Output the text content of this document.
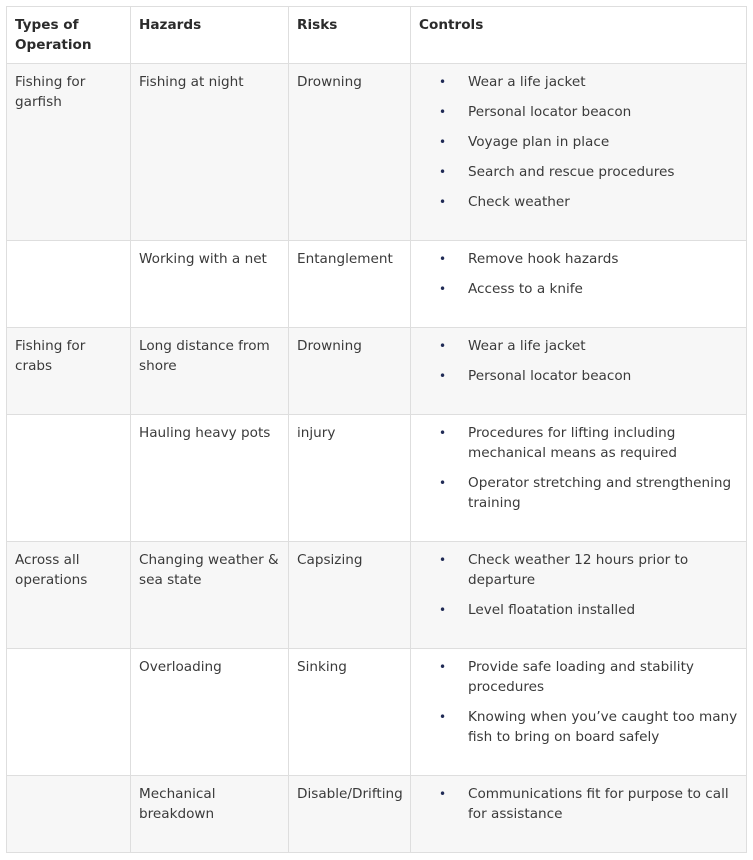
Types of Operation	Hazards	Risks	Controls
Fishing for garfish	Fishing at night	Drowning	• Wear a life jacket
• Personal locator beacon
• Voyage plan in place
• Search and rescue procedures
• Check weather

	Working with a net	Entanglement	• Remove hook hazards
• Access to a knife

Fishing for crabs	Long distance from shore	Drowning	• Wear a life jacket
• Personal locator beacon

	Hauling heavy pots	injury	• Procedures for lifting including mechanical means as required
• Operator stretching and strengthening training

Across all operations	Changing weather & sea state	Capsizing	• Check weather 12 hours prior to departure
• Level floatation installed

	Overloading	Sinking	• Provide safe loading and stability procedures
• Knowing when you’ve caught too many fish to bring on board safely

	Mechanical breakdown	Disable/Drifting	• Communications fit for purpose to call for assistance
